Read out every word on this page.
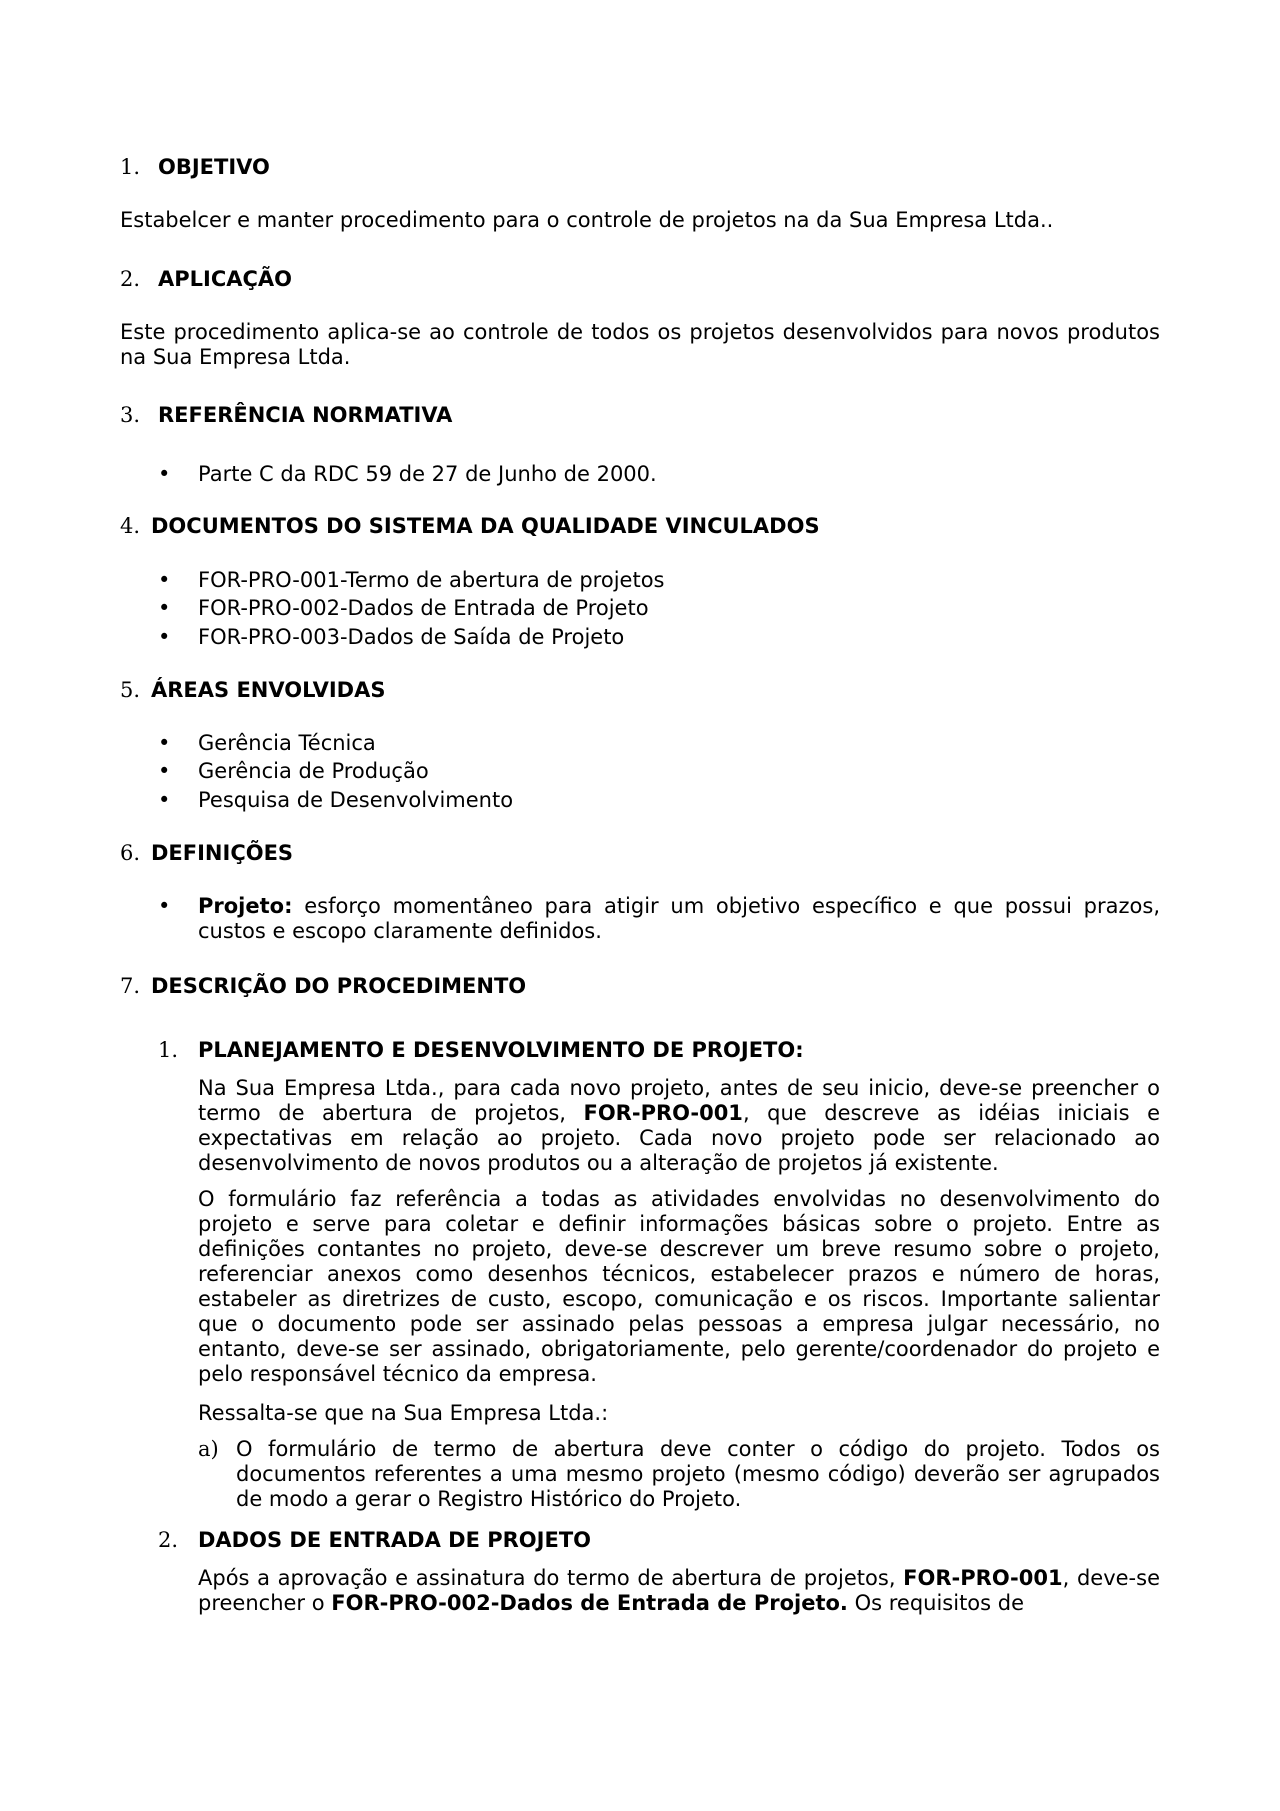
1. OBJETIVO
Estabelcer e manter procedimento para o controle de projetos na da Sua Empresa Ltda..
2. APLICAÇÃO
Este procedimento aplica-se ao controle de todos os projetos desenvolvidos para novos produtos na Sua Empresa Ltda.
3. REFERÊNCIA NORMATIVA
• Parte C da RDC 59 de 27 de Junho de 2000.
4. DOCUMENTOS DO SISTEMA DA QUALIDADE VINCULADOS
• FOR-PRO-001-Termo de abertura de projetos
• FOR-PRO-002-Dados de Entrada de Projeto
• FOR-PRO-003-Dados de Saída de Projeto
5. ÁREAS ENVOLVIDAS
• Gerência Técnica
• Gerência de Produção
• Pesquisa de Desenvolvimento
6. DEFINIÇÕES
• Projeto: esforço momentâneo para atigir um objetivo específico e que possui prazos, custos e escopo claramente definidos.
7. DESCRIÇÃO DO PROCEDIMENTO
1. PLANEJAMENTO E DESENVOLVIMENTO DE PROJETO:
Na Sua Empresa Ltda., para cada novo projeto, antes de seu inicio, deve-se preencher o termo de abertura de projetos, FOR-PRO-001, que descreve as idéias iniciais e expectativas em relação ao projeto. Cada novo projeto pode ser relacionado ao desenvolvimento de novos produtos ou a alteração de projetos já existente.
O formulário faz referência a todas as atividades envolvidas no desenvolvimento do projeto e serve para coletar e definir informações básicas sobre o projeto. Entre as definições contantes no projeto, deve-se descrever um breve resumo sobre o projeto, referenciar anexos como desenhos técnicos, estabelecer prazos e número de horas, estabeler as diretrizes de custo, escopo, comunicação e os riscos. Importante salientar que o documento pode ser assinado pelas pessoas a empresa julgar necessário, no entanto, deve-se ser assinado, obrigatoriamente, pelo gerente/coordenador do projeto e pelo responsável técnico da empresa.
Ressalta-se que na Sua Empresa Ltda.:
a) O formulário de termo de abertura deve conter o código do projeto. Todos os documentos referentes a uma mesmo projeto (mesmo código) deverão ser agrupados de modo a gerar o Registro Histórico do Projeto.
2. DADOS DE ENTRADA DE PROJETO
Após a aprovação e assinatura do termo de abertura de projetos, FOR-PRO-001, deve-se preencher o FOR-PRO-002-Dados de Entrada de Projeto. Os requisitos de
